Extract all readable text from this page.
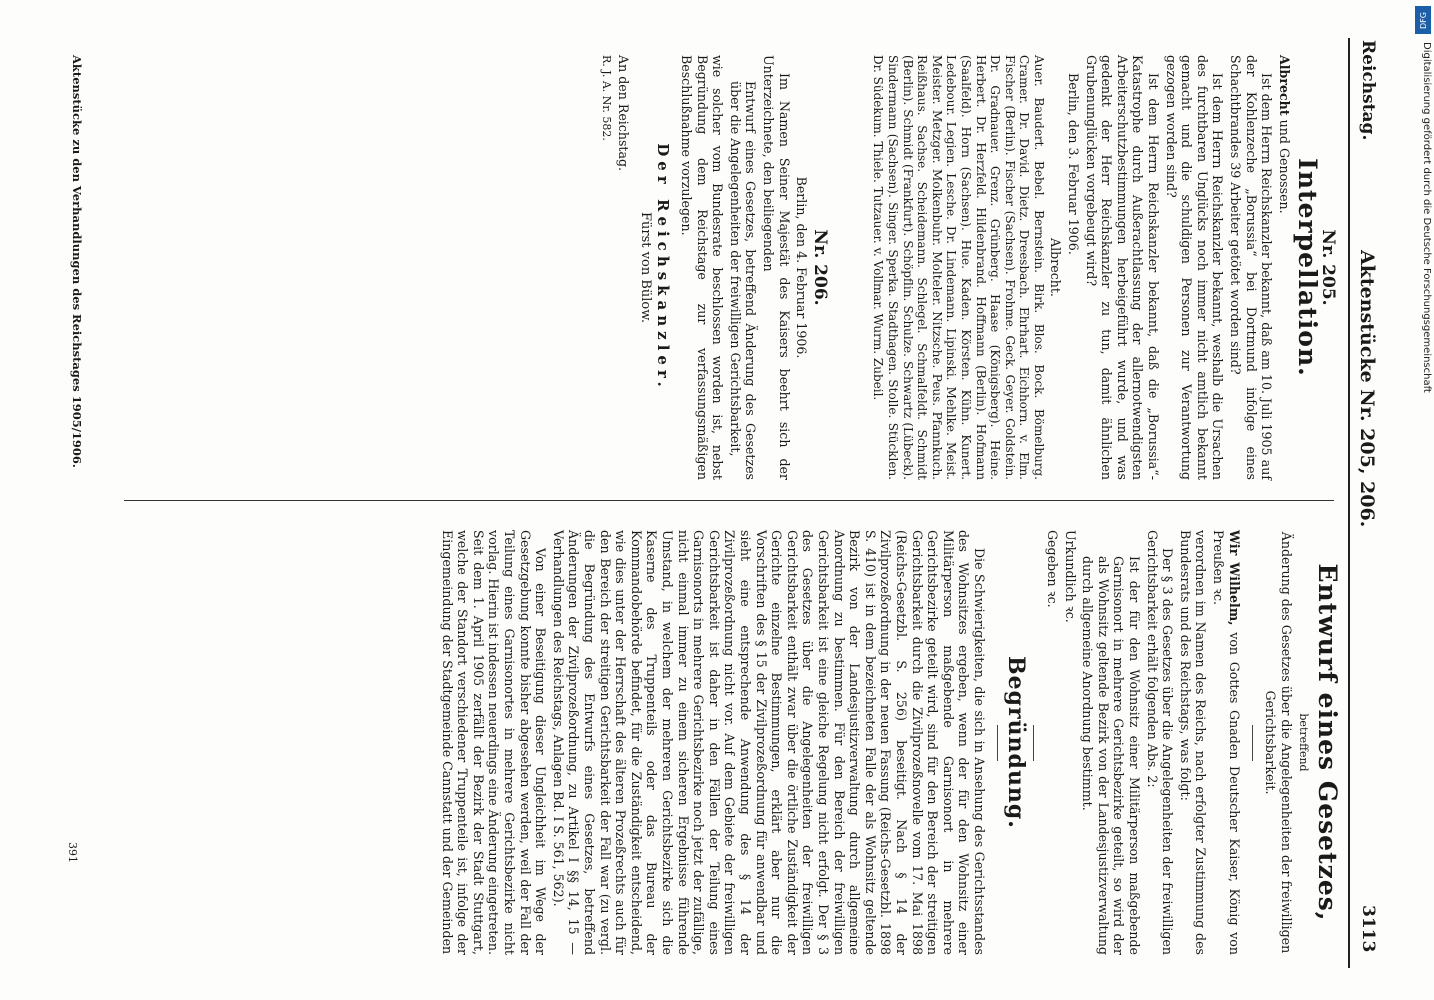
Reichstag.
Aktenstücke Nr. 205, 206.
3113
Nr. 205.
Interpellation.

Albrecht und Genossen.

Ist dem Herrn Reichskanzler bekannt, daß am 10. Juli 1905 auf der Kohlenzeche „Borussia“ bei Dortmund infolge eines Schachtbrandes 39 Arbeiter getötet worden sind?

Ist dem Herrn Reichskanzler bekannt, weshalb die Ursachen des furchtbaren Unglücks noch immer nicht amtlich bekannt gemacht und die schuldigen Personen zur Verantwortung gezogen worden sind?

Ist dem Herrn Reichskanzler bekannt, daß die „Borussia“-Katastrophe durch Außerachtlassung der allernotwendigsten Arbeiterschutzbestimmungen herbeigeführt wurde, und was gedenkt der Herr Reichskanzler zu tun, damit ähnlichen Grubenunglücken vorgebeugt wird?

Berlin, den 3. Februar 1906.

Albrecht.

Auer. Baudert. Bebel. Bernstein. Birk. Blos. Bock. Bömelburg. Cramer. Dr. David. Dietz. Dreesbach. Ehrhart. Eichhorn. v. Elm. Fischer (Berlin). Fischer (Sachsen). Frohme. Geck. Geyer. Goldstein. Dr. Gradnauer. Grenz. Grünberg. Haase (Königsberg). Heine. Herbert. Dr. Herzfeld. Hildenbrand. Hoffmann (Berlin). Hofmann (Saalfeld). Horn (Sachsen). Hue. Kaden. Körsten. Kühn. Kunert. Ledebour. Legien. Lesche. Dr. Lindemann. Lipinski. Mehlke. Meist. Meister. Metzger. Molkenbuhr. Molteler. Nitzsche. Peus. Pfannkuch. Reißhaus. Sachse. Scheidemann. Schlegel. Schmalfeldt. Schmidt (Berlin). Schmidt (Frankfurt). Schöpflin. Schulze. Schwartz (Lübeck). Sindermann (Sachsen). Singer. Sperka. Stadthagen. Stolle. Stücklen. Dr. Südekum. Thiele. Tutzauer. v. Vollmar. Wurm. Zubeil.

Nr. 206.

Berlin, den 4. Februar 1906.

Im Namen Seiner Majestät des Kaisers beehrt sich der Unterzeichnete, den beiliegenden

Entwurf eines Gesetzes, betreffend Änderung des Gesetzes über die Angelegenheiten der freiwilligen Gerichtsbarkeit,

wie solcher vom Bundesrate beschlossen worden ist, nebst Begründung dem Reichstage zur verfassungsmäßigen Beschlußnahme vorzulegen.

Der Reichskanzler.
Fürst von Bülow.

An den Reichstag.

R. J. A. Nr. 582.

Entwurf eines Gesetzes,

betreffend

Änderung des Gesetzes über die Angelegenheiten der freiwilligen Gerichtsbarkeit.

Wir Wilhelm, von Gottes Gnaden Deutscher Kaiser, König von Preußen ꝛc.

verordnen im Namen des Reichs, nach erfolgter Zustimmung des Bundesrats und des Reichstags, was folgt:

Der § 3 des Gesetzes über die Angelegenheiten der freiwilligen Gerichtsbarkeit erhält folgenden Abs. 2:

Ist der für den Wohnsitz einer Militärperson maßgebende Garnisonort in mehrere Gerichtsbezirke geteilt, so wird der als Wohnsitz geltende Bezirk von der Landesjustizverwaltung durch allgemeine Anordnung bestimmt.

Urkundlich ꝛc.

Gegeben ꝛc.

Begründung.

Die Schwierigkeiten, die sich in Ansehung des Gerichtsstandes des Wohnsitzes ergeben, wenn der für den Wohnsitz einer Militärperson maßgebende Garnisonort in mehrere Gerichtsbezirke geteilt wird, sind für den Bereich der streitigen Gerichtsbarkeit durch die Zivilprozeßnovelle vom 17. Mai 1898 (Reichs-Gesetzbl. S. 256) beseitigt. Nach § 14 der Zivilprozeßordnung in der neuen Fassung (Reichs-Gesetzbl. 1898 S. 410) ist in dem bezeichneten Falle der als Wohnsitz geltende Bezirk von der Landesjustizverwaltung durch allgemeine Anordnung zu bestimmen. Für den Bereich der freiwilligen Gerichtsbarkeit ist eine gleiche Regelung nicht erfolgt. Der § 3 des Gesetzes über die Angelegenheiten der freiwilligen Gerichtsbarkeit enthält zwar über die örtliche Zuständigkeit der Gerichte einzelne Bestimmungen, erklärt aber nur die Vorschriften des § 15 der Zivilprozeßordnung für anwendbar und sieht eine entsprechende Anwendung des § 14 der Zivilprozeßordnung nicht vor. Auf dem Gebiete der freiwilligen Gerichtsbarkeit ist daher in den Fällen der Teilung eines Garnisonorts in mehrere Gerichtsbezirke noch jetzt der zufällige, nicht einmal immer zu einem sicheren Ergebnisse führende Umstand, in welchem der mehreren Gerichtsbezirke sich die Kaserne des Truppenteils oder das Bureau der Kommandobehörde befindet, für die Zuständigkeit entscheidend, wie dies unter der Herrschaft des älteren Prozeßrechts auch für den Bereich der streitigen Gerichtsbarkeit der Fall war (zu vergl. die Begründung des Entwurfs eines Gesetzes, betreffend Änderungen der Zivilprozeßordnung, zu Artikel I §§ 14, 15 — Verhandlungen des Reichstags, Anlagen Bd. I S. 561, 562).

Von einer Beseitigung dieser Ungleichheit im Wege der Gesetzgebung konnte bisher abgesehen werden, weil der Fall der Teilung eines Garnisonortes in mehrere Gerichtsbezirke nicht vorlag. Hierin ist indessen neuerdings eine Änderung eingetreten. Seit dem 1. April 1905 zerfällt der Bezirk der Stadt Stuttgart, welche der Standort verschiedener Truppenteile ist, infolge der Eingemeindung der Stadtgemeinde Cannstatt und der Gemeinden

Aktenstücke zu den Verhandlungen des Reichstages 1905/1906.
391
DFG
Digitalisierung gefördert durch die Deutsche Forschungsgemeinschaft
